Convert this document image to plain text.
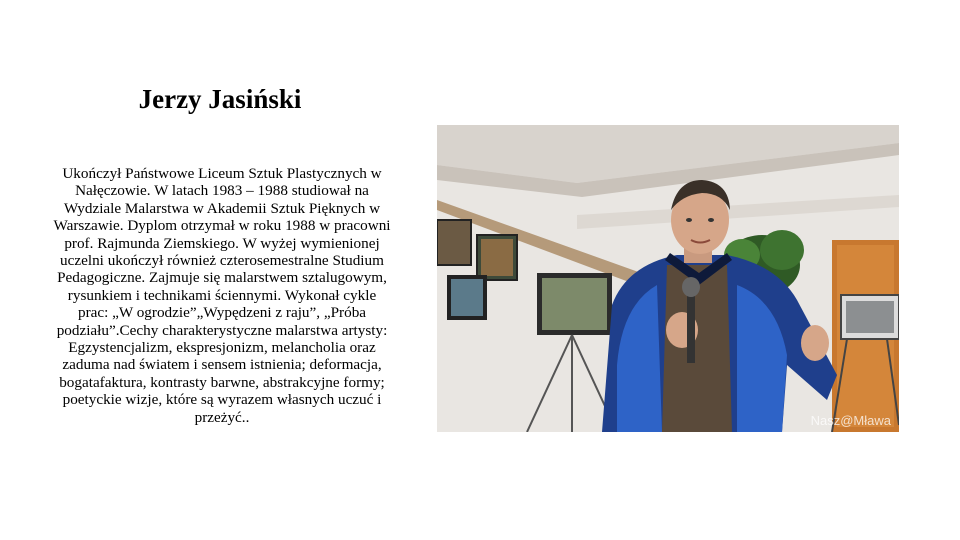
Jerzy Jasiński

Ukończył Państwowe Liceum Sztuk Plastycznych w Nałęczowie. W latach 1983 – 1988 studiował na Wydziale Malarstwa w Akademii Sztuk Pięknych w Warszawie. Dyplom otrzymał w roku 1988 w pracowni prof. Rajmunda Ziemskiego. W wyżej wymienionej uczelni ukończył również czterosemestralne Studium Pedagogiczne. Zajmuje się malarstwem sztalugowym, rysunkiem i technikami ściennymi. Wykonał cykle prac: „W ogrodzie”„Wypędzeni z raju”, „Próba podziału”.Cechy charakterystyczne malarstwa artysty: Egzystencjalizm, ekspresjonizm, melancholia oraz zaduma nad światem i sensem istnienia; deformacja, bogatafaktura, kontrasty barwne, abstrakcyjne formy; poetyckie wizje, które są wyrazem własnych uczuć i przeżyć..	Nasz@Mława
